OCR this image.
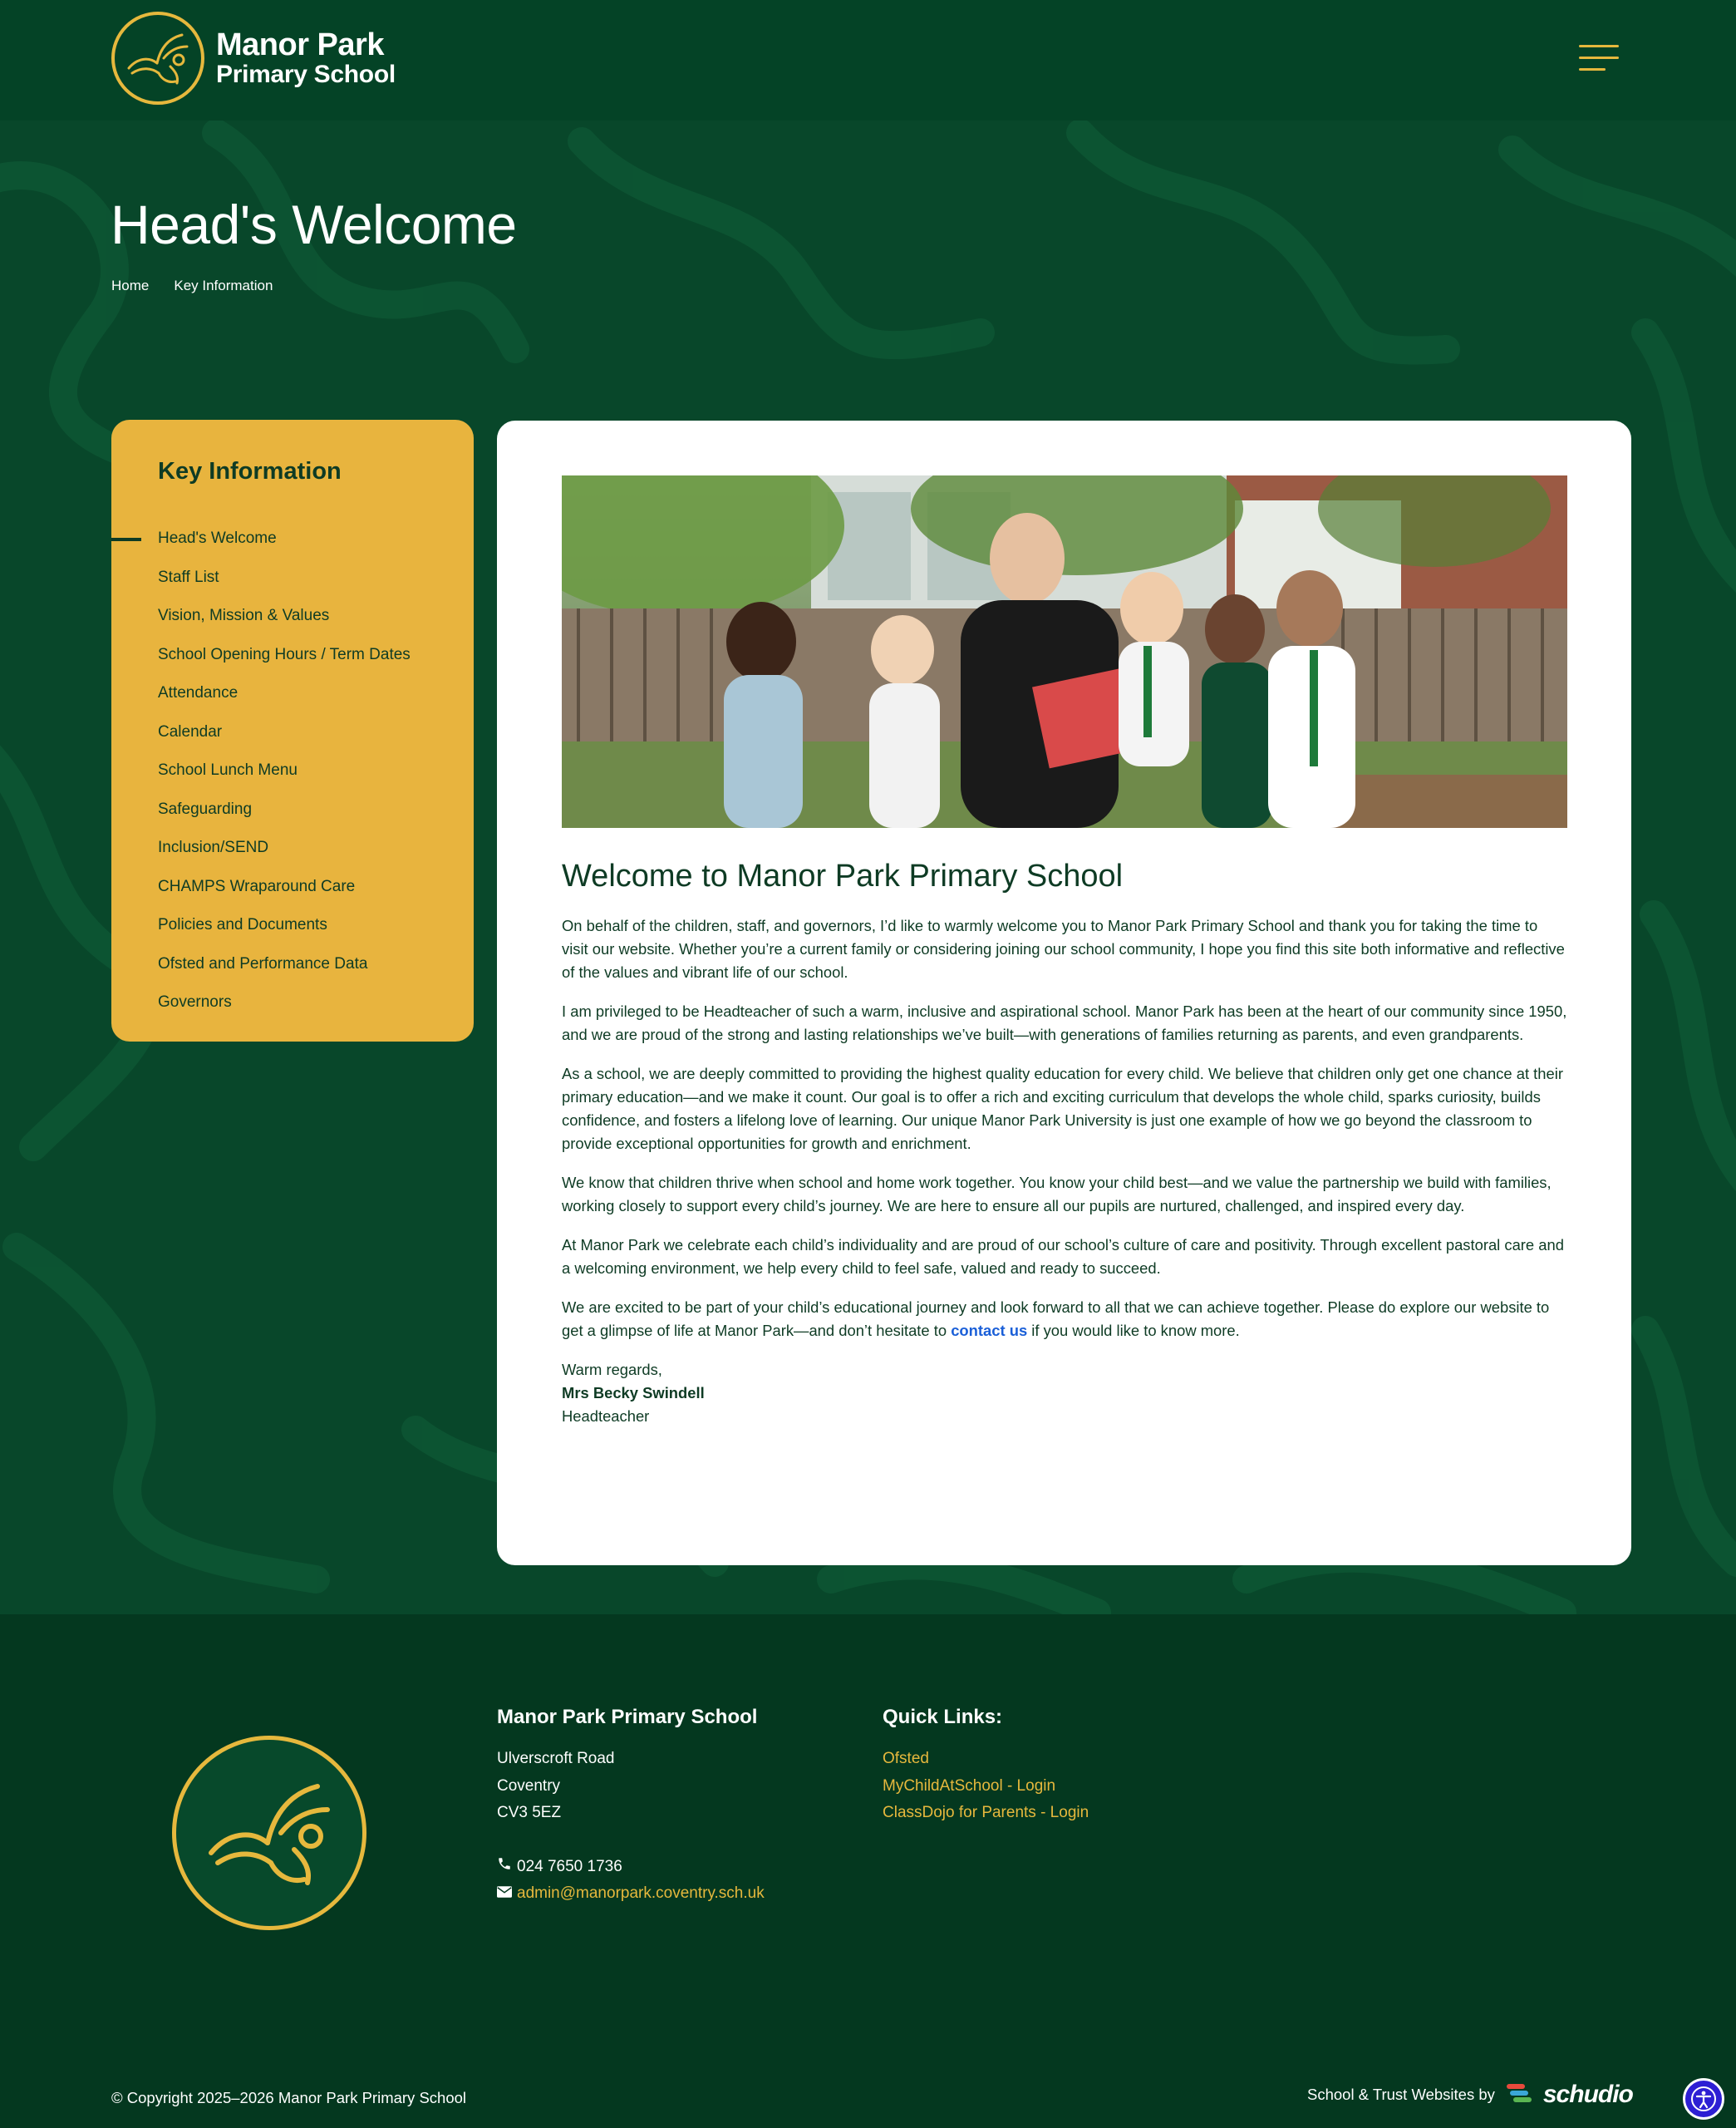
Manor Park
Primary School
Head's Welcome
Home Key Information
Key Information
Head's Welcome
Staff List
Vision, Mission & Values
School Opening Hours / Term Dates
Attendance
Calendar
School Lunch Menu
Safeguarding
Inclusion/SEND
CHAMPS Wraparound Care
Policies and Documents
Ofsted and Performance Data
Governors
Welcome to Manor Park Primary School

On behalf of the children, staff, and governors, I’d like to warmly welcome you to Manor Park Primary School and thank you for taking the time to visit our website. Whether you’re a current family or considering joining our school community, I hope you find this site both informative and reflective of the values and vibrant life of our school.

I am privileged to be Headteacher of such a warm, inclusive and aspirational school. Manor Park has been at the heart of our community since 1950, and we are proud of the strong and lasting relationships we’ve built—with generations of families returning as parents, and even grandparents.

As a school, we are deeply committed to providing the highest quality education for every child. We believe that children only get one chance at their primary education—and we make it count. Our goal is to offer a rich and exciting curriculum that develops the whole child, sparks curiosity, builds confidence, and fosters a lifelong love of learning. Our unique Manor Park University is just one example of how we go beyond the classroom to provide exceptional opportunities for growth and enrichment.

We know that children thrive when school and home work together. You know your child best—and we value the partnership we build with families, working closely to support every child’s journey. We are here to ensure all our pupils are nurtured, challenged, and inspired every day.

At Manor Park we celebrate each child’s individuality and are proud of our school’s culture of care and positivity. Through excellent pastoral care and a welcoming environment, we help every child to feel safe, valued and ready to succeed.

We are excited to be part of your child’s educational journey and look forward to all that we can achieve together. Please do explore our website to get a glimpse of life at Manor Park—and don’t hesitate to contact us if you would like to know more.

Warm regards,
Mrs Becky Swindell
Headteacher
Manor Park Primary School
Ulverscroft Road
Coventry
CV3 5EZ
024 7650 1736
admin@manorpark.coventry.sch.uk
Quick Links:
Ofsted
MyChildAtSchool - Login
ClassDojo for Parents - Login
© Copyright 2025–2026 Manor Park Primary School	School & Trust Websites by schudio
